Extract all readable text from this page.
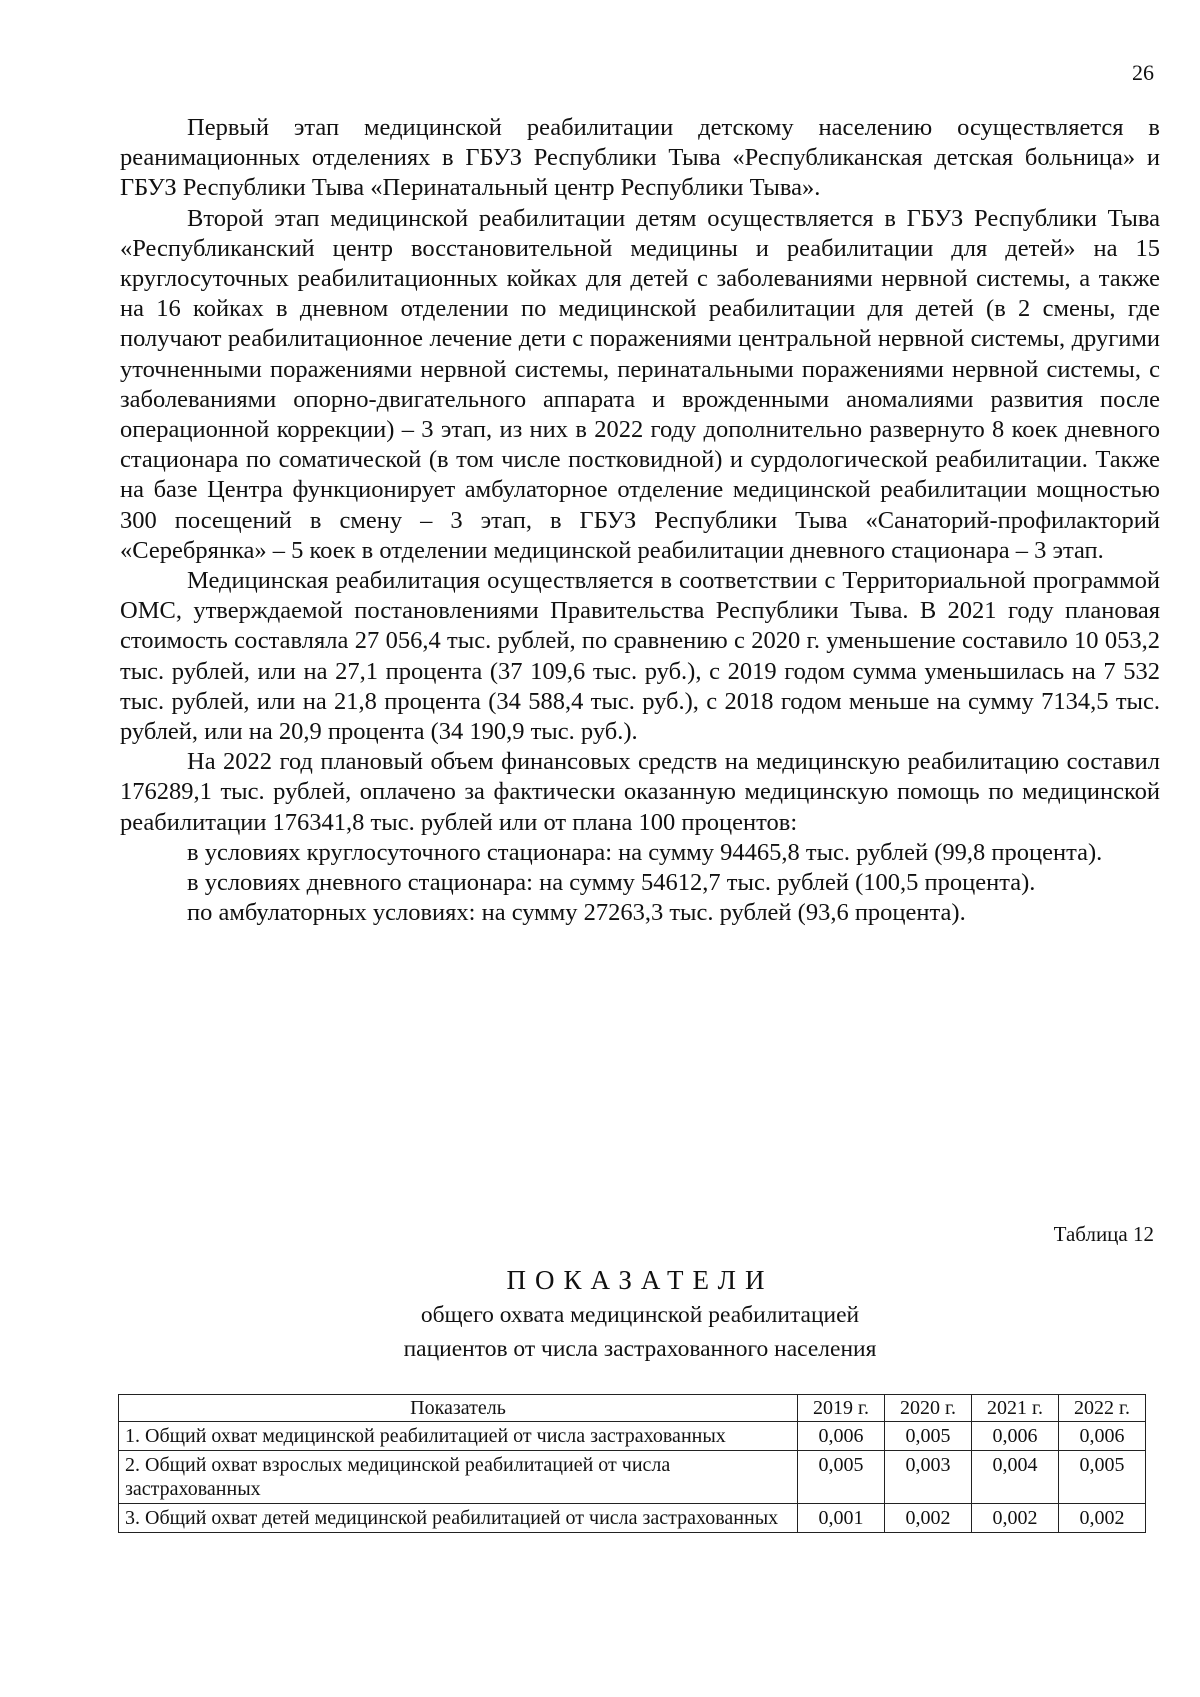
26

Первый этап медицинской реабилитации детскому населению осуществляется в реанимационных отделениях в ГБУЗ Республики Тыва «Республиканская детская больница» и ГБУЗ Республики Тыва «Перинатальный центр Республики Тыва».

Второй этап медицинской реабилитации детям осуществляется в ГБУЗ Республики Тыва «Республиканский центр восстановительной медицины и реабилитации для детей» на 15 круглосуточных реабилитационных койках для детей с заболеваниями нервной системы, а также на 16 койках в дневном отделении по медицинской реабилитации для детей (в 2 смены, где получают реабилитационное лечение дети с поражениями центральной нервной системы, другими уточненными поражениями нервной системы, перинатальными поражениями нервной системы, с заболеваниями опорно-двигательного аппарата и врожденными аномалиями развития после операционной коррекции) – 3 этап, из них в 2022 году дополнительно развернуто 8 коек дневного стационара по соматической (в том числе постковидной) и сурдологической реабилитации. Также на базе Центра функционирует амбулаторное отделение медицинской реабилитации мощностью 300 посещений в смену – 3 этап, в ГБУЗ Республики Тыва «Санаторий-профилакторий «Серебрянка» – 5 коек в отделении медицинской реабилитации дневного стационара – 3 этап.

Медицинская реабилитация осуществляется в соответствии с Территориальной программой ОМС, утверждаемой постановлениями Правительства Республики Тыва. В 2021 году плановая стоимость составляла 27 056,4 тыс. рублей, по сравнению с 2020 г. уменьшение составило 10 053,2 тыс. рублей, или на 27,1 процента (37 109,6 тыс. руб.), с 2019 годом сумма уменьшилась на 7 532 тыс. рублей, или на 21,8 процента (34 588,4 тыс. руб.), с 2018 годом меньше на сумму 7134,5 тыс. рублей, или на 20,9 процента (34 190,9 тыс. руб.).

На 2022 год плановый объем финансовых средств на медицинскую реабилитацию составил 176289,1 тыс. рублей, оплачено за фактически оказанную медицинскую помощь по медицинской реабилитации 176341,8 тыс. рублей или от плана 100 процентов:

в условиях круглосуточного стационара: на сумму 94465,8 тыс. рублей (99,8 процента).

в условиях дневного стационара: на сумму 54612,7 тыс. рублей (100,5 процента).

по амбулаторных условиях: на сумму 27263,3 тыс. рублей (93,6 процента).

Таблица 12
ПОКАЗАТЕЛИ
общего охвата медицинской реабилитацией
пациентов от числа застрахованного населения
Показатель	2019 г.	2020 г.	2021 г.	2022 г.
1. Общий охват медицинской реабилитацией от числа застрахованных	0,006	0,005	0,006	0,006
2. Общий охват взрослых медицинской реабилитацией от числа застрахованных	0,005	0,003	0,004	0,005
3. Общий охват детей медицинской реабилитацией от числа застрахованных	0,001	0,002	0,002	0,002
